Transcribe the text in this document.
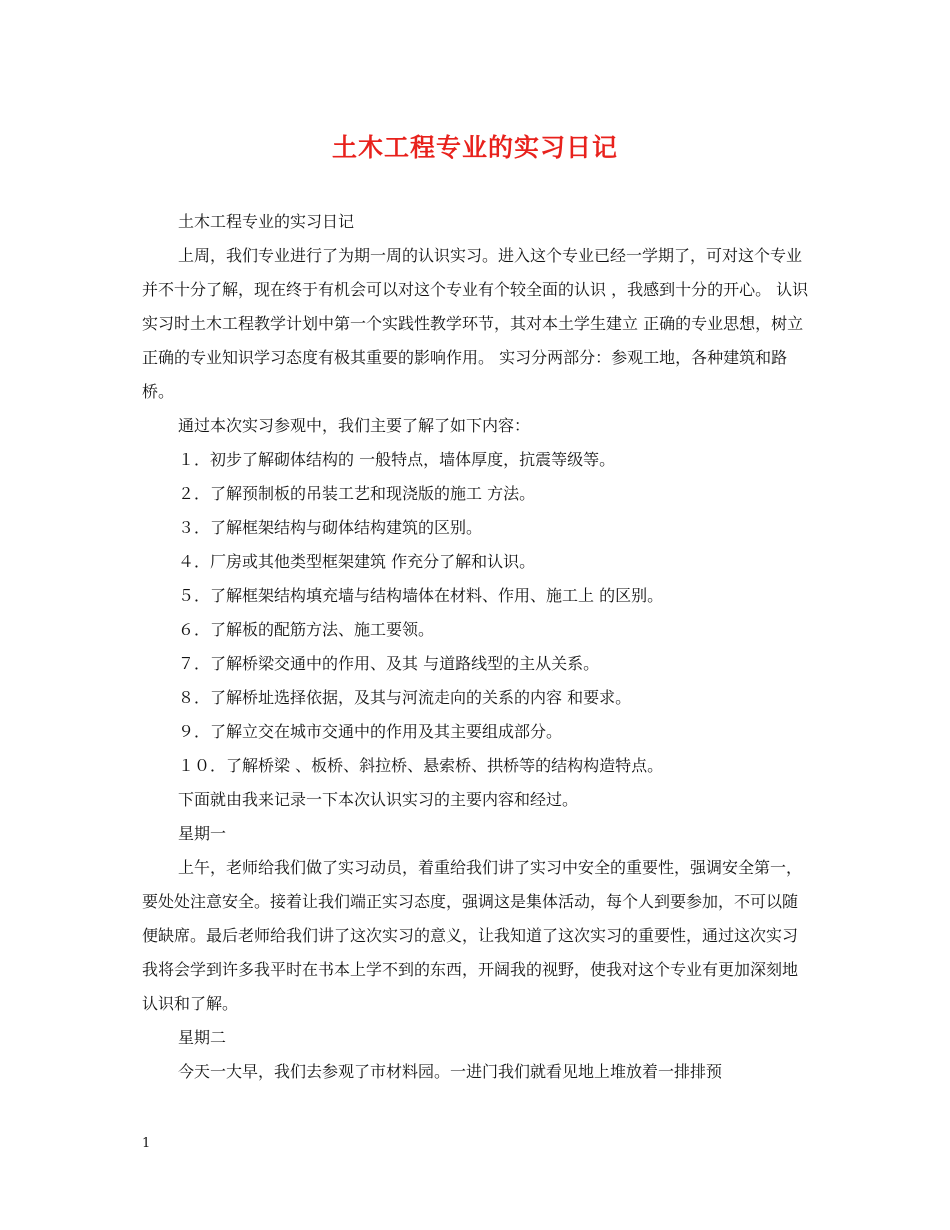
土木工程专业的实习日记

土木工程专业的实习日记

上周，我们专业进行了为期一周的认识实习。进入这个专业已经一学期了，可对这个专业并不十分了解，现在终于有机会可以对这个专业有个较全面的认识 ，我感到十分的开心。 认识实习时土木工程教学计划中第一个实践性教学环节，其对本土学生建立 正确的专业思想，树立正确的专业知识学习态度有极其重要的影响作用。 实习分两部分：参观工地，各种建筑和路桥。

通过本次实习参观中，我们主要了解了如下内容：

１．初步了解砌体结构的 一般特点，墙体厚度，抗震等级等。

２．了解预制板的吊装工艺和现浇版的施工 方法。

３．了解框架结构与砌体结构建筑的区别。

４．厂房或其他类型框架建筑 作充分了解和认识。

５．了解框架结构填充墙与结构墙体在材料、作用、施工上 的区别。

６．了解板的配筋方法、施工要领。

７．了解桥梁交通中的作用、及其 与道路线型的主从关系。

８．了解桥址选择依据，及其与河流走向的关系的内容 和要求。

９．了解立交在城市交通中的作用及其主要组成部分。

１０．了解桥梁 、板桥、斜拉桥、悬索桥、拱桥等的结构构造特点。

下面就由我来记录一下本次认识实习的主要内容和经过。

星期一

上午，老师给我们做了实习动员，着重给我们讲了实习中安全的重要性，强调安全第一，要处处注意安全。接着让我们端正实习态度，强调这是集体活动，每个人到要参加，不可以随便缺席。最后老师给我们讲了这次实习的意义，让我知道了这次实习的重要性，通过这次实习我将会学到许多我平时在书本上学不到的东西，开阔我的视野，使我对这个专业有更加深刻地认识和了解。

星期二

今天一大早，我们去参观了市材料园。一进门我们就看见地上堆放着一排排预

1
